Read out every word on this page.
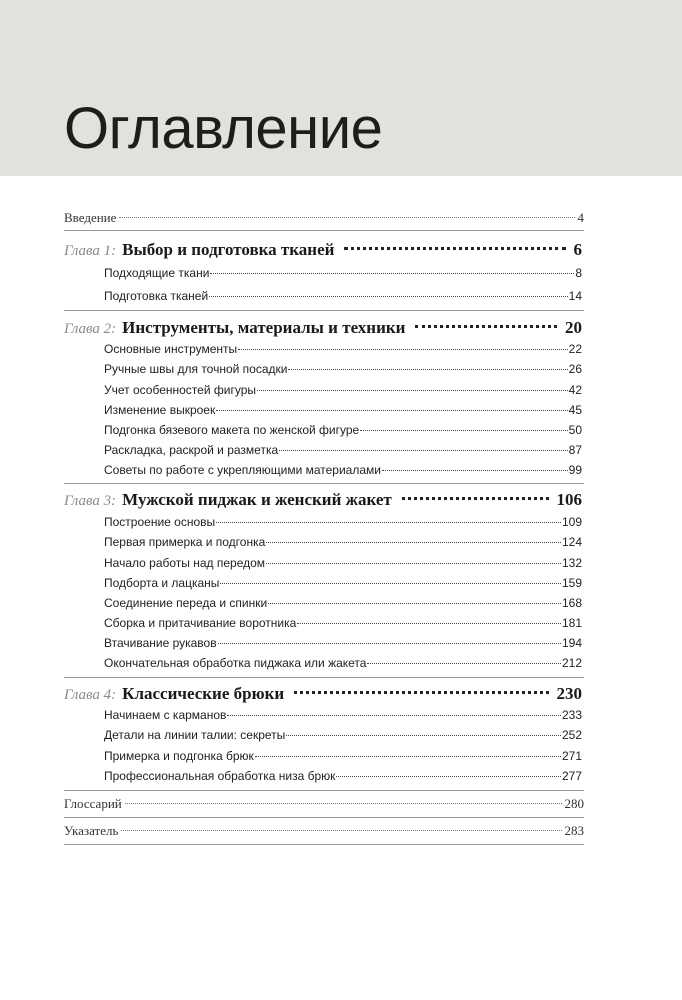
Оглавление
Введение	4
Глава 1: Выбор и подготовка тканей	6
Подходящие ткани	8
Подготовка тканей	14
Глава 2: Инструменты, материалы и техники	20
Основные инструменты	22
Ручные швы для точной посадки	26
Учет особенностей фигуры	42
Изменение выкроек	45
Подгонка бязевого макета по женской фигуре	50
Раскладка, раскрой и разметка	87
Советы по работе с укрепляющими материалами	99
Глава 3: Мужской пиджак и женский жакет	106
Построение основы	109
Первая примерка и подгонка	124
Начало работы над передом	132
Подборта и лацканы	159
Соединение переда и спинки	168
Сборка и притачивание воротника	181
Втачивание рукавов	194
Окончательная обработка пиджака или жакета	212
Глава 4: Классические брюки	230
Начинаем с карманов	233
Детали на линии талии: секреты	252
Примерка и подгонка брюк	271
Профессиональная обработка низа брюк	277
Глоссарий	280
Указатель	283
